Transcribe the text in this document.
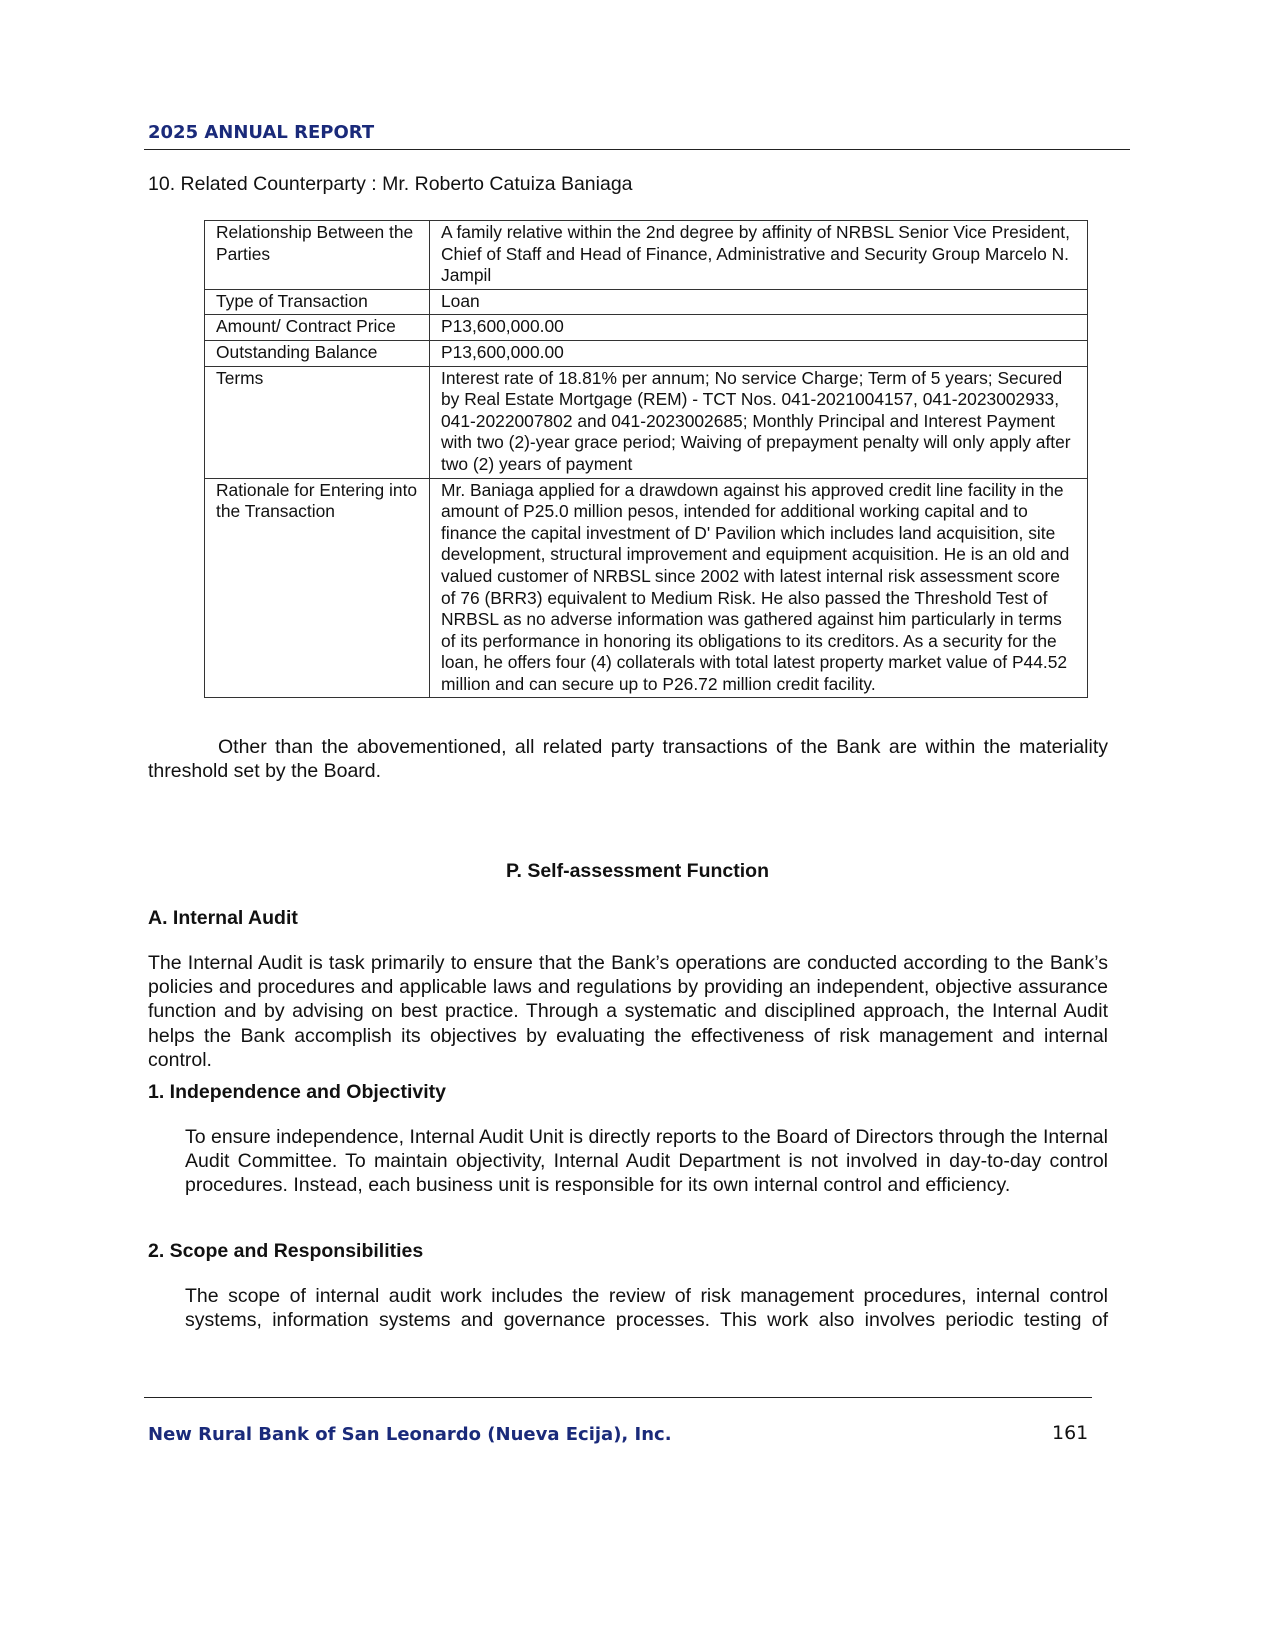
2025 ANNUAL REPORT
10. Related Counterparty : Mr. Roberto Catuiza Baniaga
Relationship Between the Parties	A family relative within the 2nd degree by affinity of NRBSL Senior Vice President, Chief of Staff and Head of Finance, Administrative and Security Group Marcelo N. Jampil
Type of Transaction	Loan
Amount/ Contract Price	P13,600,000.00
Outstanding Balance	P13,600,000.00
Terms	Interest rate of 18.81% per annum; No service Charge; Term of 5 years; Secured by Real Estate Mortgage (REM) - TCT Nos. 041-2021004157, 041-2023002933, 041-2022007802 and 041-2023002685; Monthly Principal and Interest Payment with two (2)-year grace period; Waiving of prepayment penalty will only apply after two (2) years of payment
Rationale for Entering into the Transaction	Mr. Baniaga applied for a drawdown against his approved credit line facility in the amount of P25.0 million pesos, intended for additional working capital and to finance the capital investment of D' Pavilion which includes land acquisition, site development, structural improvement and equipment acquisition. He is an old and valued customer of NRBSL since 2002 with latest internal risk assessment score of 76 (BRR3) equivalent to Medium Risk. He also passed the Threshold Test of NRBSL as no adverse information was gathered against him particularly in terms of its performance in honoring its obligations to its creditors. As a security for the loan, he offers four (4) collaterals with total latest property market value of P44.52 million and can secure up to P26.72 million credit facility.
Other than the abovementioned, all related party transactions of the Bank are within the materiality threshold set by the Board.
P. Self-assessment Function
A. Internal Audit
The Internal Audit is task primarily to ensure that the Bank’s operations are conducted according to the Bank’s policies and procedures and applicable laws and regulations by providing an independent, objective assurance function and by advising on best practice. Through a systematic and disciplined approach, the Internal Audit helps the Bank accomplish its objectives by evaluating the effectiveness of risk management and internal control.
1. Independence and Objectivity
To ensure independence, Internal Audit Unit is directly reports to the Board of Directors through the Internal Audit Committee. To maintain objectivity, Internal Audit Department is not involved in day-to-day control procedures. Instead, each business unit is responsible for its own internal control and efficiency.
2. Scope and Responsibilities
The scope of internal audit work includes the review of risk management procedures, internal control systems, information systems and governance processes. This work also involves periodic testing of
New Rural Bank of San Leonardo (Nueva Ecija), Inc.	161
